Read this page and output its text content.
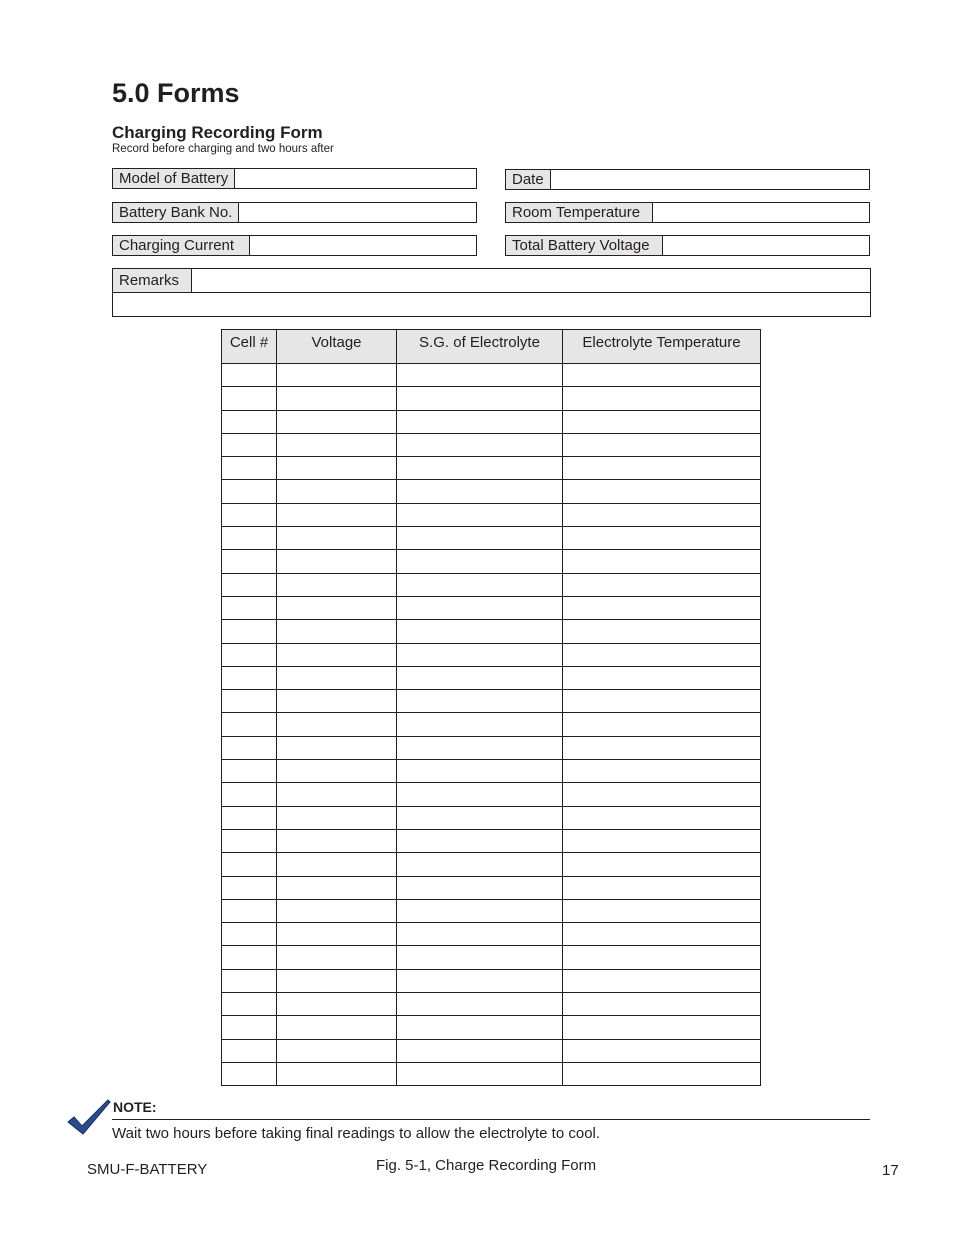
5.0 Forms
Charging Recording Form
Record before charging and two hours after
Model of Battery
Battery Bank No.
Charging Current
Date
Room Temperature
Total Battery Voltage
Remarks
Cell #	Voltage	S.G. of Electrolyte	Electrolyte Temperature

NOTE:
Wait two hours before taking final readings to allow the electrolyte to cool.
SMU-F-BATTERY	Fig. 5-1, Charge Recording Form	17
